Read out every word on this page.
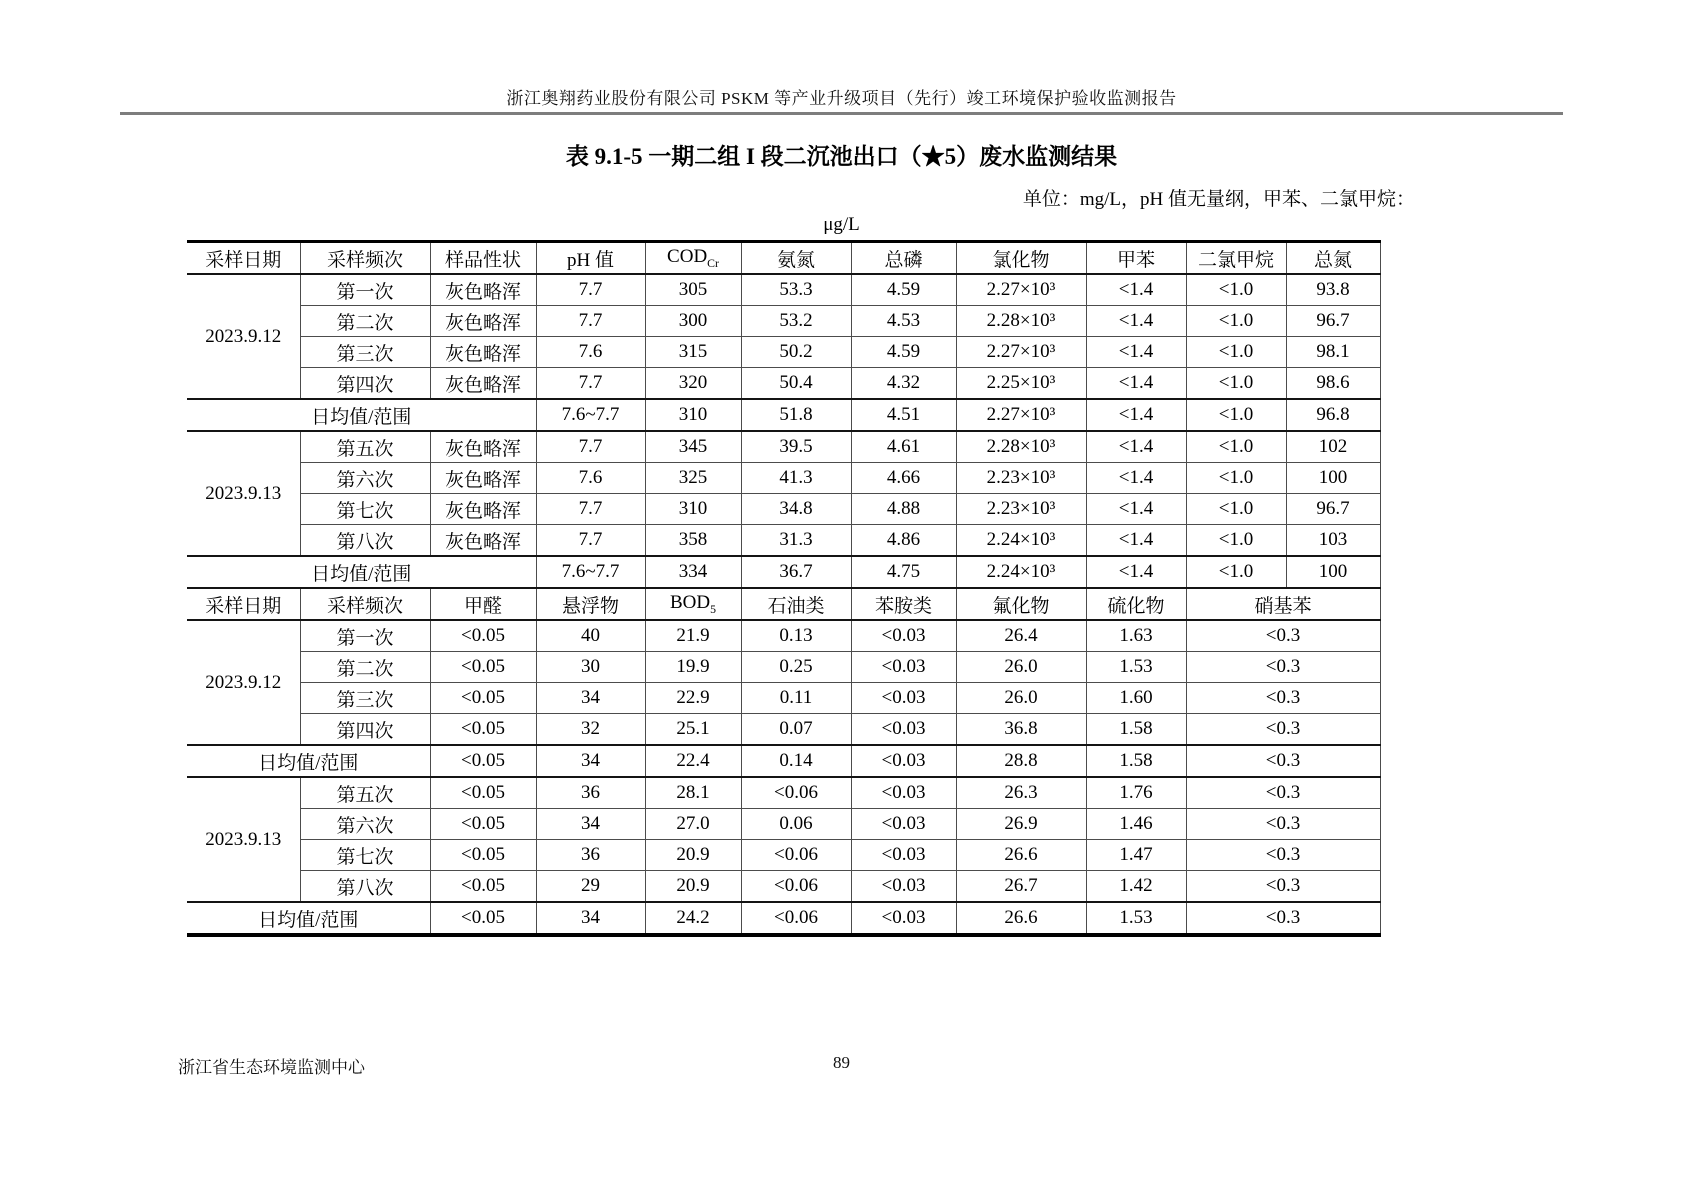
浙江奥翔药业股份有限公司 PSKM 等产业升级项目（先行）竣工环境保护验收监测报告
表 9.1-5 一期二组 I 段二沉池出口（★5）废水监测结果
单位：mg/L，pH 值无量纲，甲苯、二氯甲烷：
μg/L
采样日期	采样频次	样品性状	pH 值	$COD_{Cr}$	氨氮	总磷	氯化物	甲苯	二氯甲烷	总氮
2023.9.12	第一次	灰色略浑	7.7	305	53.3	4.59	2.27×10³	<1.4	<1.0	93.8
	第二次	灰色略浑	7.7	300	53.2	4.53	2.28×10³	<1.4	<1.0	96.7
	第三次	灰色略浑	7.6	315	50.2	4.59	2.27×10³	<1.4	<1.0	98.1
	第四次	灰色略浑	7.7	320	50.4	4.32	2.25×10³	<1.4	<1.0	98.6
日均值/范围			7.6~7.7	310	51.8	4.51	2.27×10³	<1.4	<1.0	96.8
2023.9.13	第五次	灰色略浑	7.7	345	39.5	4.61	2.28×10³	<1.4	<1.0	102
	第六次	灰色略浑	7.6	325	41.3	4.66	2.23×10³	<1.4	<1.0	100
	第七次	灰色略浑	7.7	310	34.8	4.88	2.23×10³	<1.4	<1.0	96.7
	第八次	灰色略浑	7.7	358	31.3	4.86	2.24×10³	<1.4	<1.0	103
日均值/范围			7.6~7.7	334	36.7	4.75	2.24×10³	<1.4	<1.0	100
采样日期	采样频次	甲醛	悬浮物	$BOD_5$	石油类	苯胺类	氟化物	硫化物	硝基苯	
2023.9.12	第一次	<0.05	40	21.9	0.13	<0.03	26.4	1.63	<0.3	
	第二次	<0.05	30	19.9	0.25	<0.03	26.0	1.53	<0.3	
	第三次	<0.05	34	22.9	0.11	<0.03	26.0	1.60	<0.3	
	第四次	<0.05	32	25.1	0.07	<0.03	36.8	1.58	<0.3	
日均值/范围		<0.05	34	22.4	0.14	<0.03	28.8	1.58	<0.3	
2023.9.13	第五次	<0.05	36	28.1	<0.06	<0.03	26.3	1.76	<0.3	
	第六次	<0.05	34	27.0	0.06	<0.03	26.9	1.46	<0.3	
	第七次	<0.05	36	20.9	<0.06	<0.03	26.6	1.47	<0.3	
	第八次	<0.05	29	20.9	<0.06	<0.03	26.7	1.42	<0.3	
日均值/范围		<0.05	34	24.2	<0.06	<0.03	26.6	1.53	<0.3	
浙江省生态环境监测中心	89
